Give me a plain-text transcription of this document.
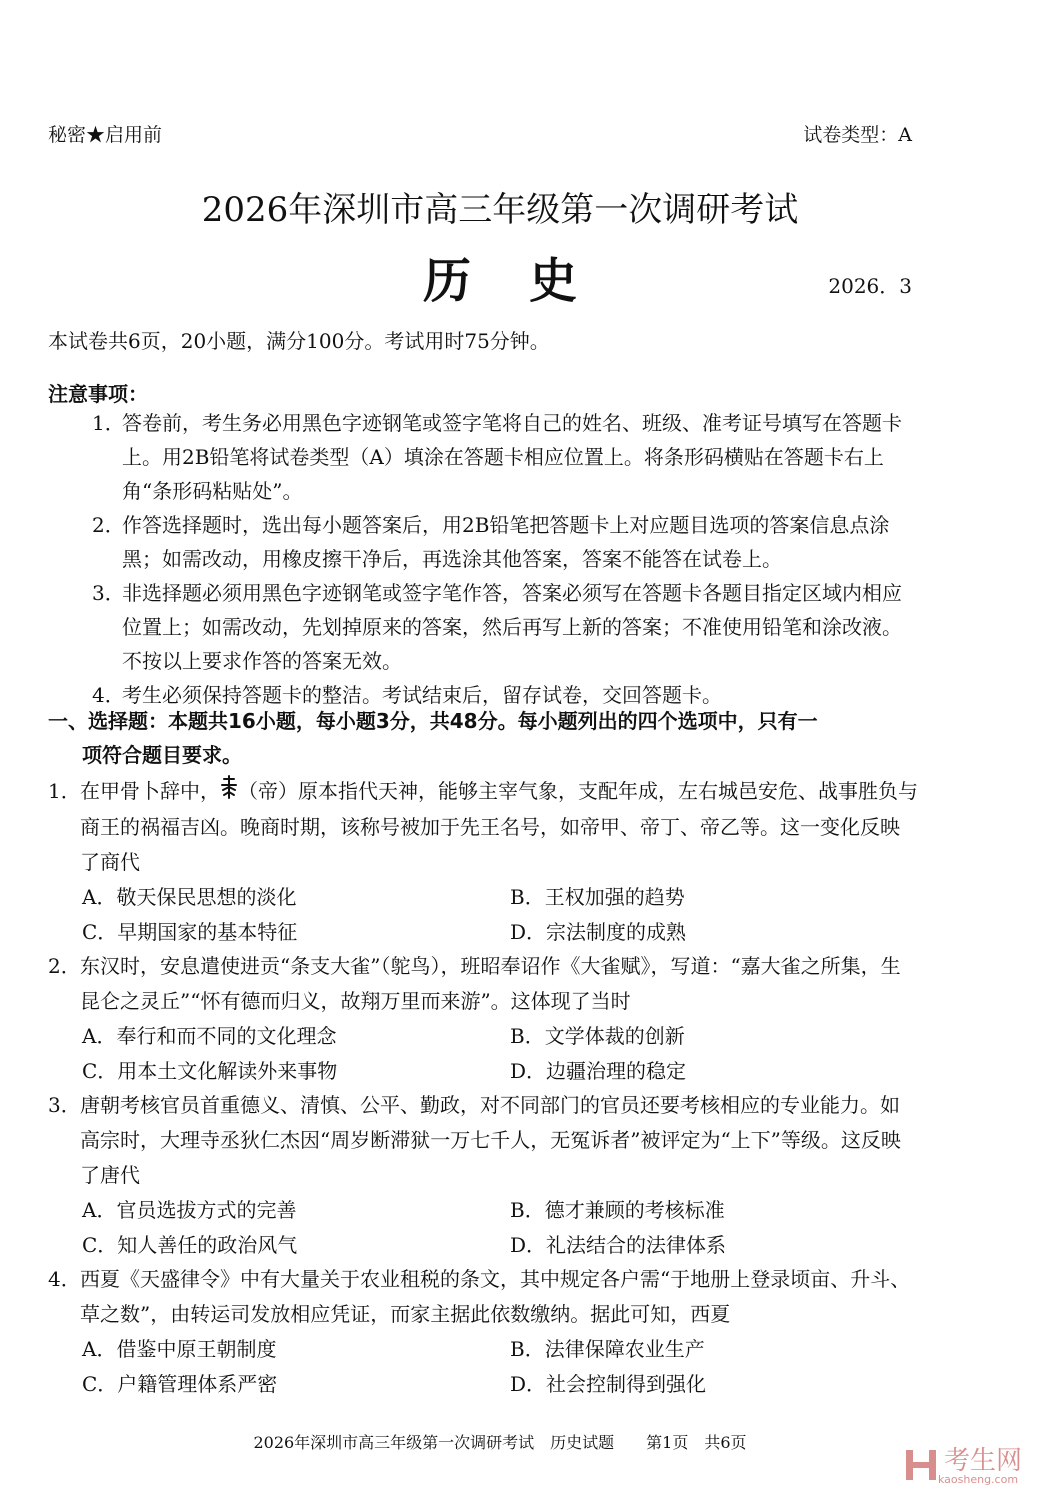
秘密★启用前	试卷类型：A
2026年深圳市高三年级第一次调研考试
历史	2026．3
本试卷共6页，20小题，满分100分。考试用时75分钟。
注意事项：
1．
答卷前，考生务必用黑色字迹钢笔或签字笔将自己的姓名、班级、准考证号填写在答题卡上。用2B铅笔将试卷类型（A）填涂在答题卡相应位置上。将条形码横贴在答题卡右上角“条形码粘贴处”。
2．
作答选择题时，选出每小题答案后，用2B铅笔把答题卡上对应题目选项的答案信息点涂黑；如需改动，用橡皮擦干净后，再选涂其他答案，答案不能答在试卷上。
3．
非选择题必须用黑色字迹钢笔或签字笔作答，答案必须写在答题卡各题目指定区域内相应位置上；如需改动，先划掉原来的答案，然后再写上新的答案；不准使用铅笔和涂改液。不按以上要求作答的答案无效。
4．
考生必须保持答题卡的整洁。考试结束后，留存试卷，交回答题卡。
一、选择题：本题共16小题，每小题3分，共48分。每小题列出的四个选项中，只有一
项符合题目要求。
1． 在甲骨卜辞中， （帝）原本指代天神，能够主宰气象，支配年成，左右城邑安危、战事胜负与商王的祸福吉凶。晚商时期，该称号被加于先王名号，如帝甲、帝丁、帝乙等。这一变化反映了商代
A．敬天保民思想的淡化	B．王权加强的趋势
C．早期国家的基本特征	D．宗法制度的成熟
2． 东汉时，安息遣使进贡“条支大雀”（鸵鸟），班昭奉诏作《大雀赋》，写道：“嘉大雀之所集，生昆仑之灵丘”“怀有德而归义，故翔万里而来游”。这体现了当时
A．奉行和而不同的文化理念	B．文学体裁的创新
C．用本土文化解读外来事物	D．边疆治理的稳定
3． 唐朝考核官员首重德义、清慎、公平、勤政，对不同部门的官员还要考核相应的专业能力。如高宗时，大理寺丞狄仁杰因“周岁断滞狱一万七千人，无冤诉者”被评定为“上下”等级。这反映了唐代
A．官员选拔方式的完善	B．德才兼顾的考核标准
C．知人善任的政治风气	D．礼法结合的法律体系
4． 西夏《天盛律令》中有大量关于农业租税的条文，其中规定各户需“于地册上登录顷亩、升斗、草之数”，由转运司发放相应凭证，而家主据此依数缴纳。据此可知，西夏
A．借鉴中原王朝制度	B．法律保障农业生产
C．户籍管理体系严密	D．社会控制得到强化
2026年深圳市高三年级第一次调研考试　历史试题　　第1页　共6页
考生网
kaosheng.com
